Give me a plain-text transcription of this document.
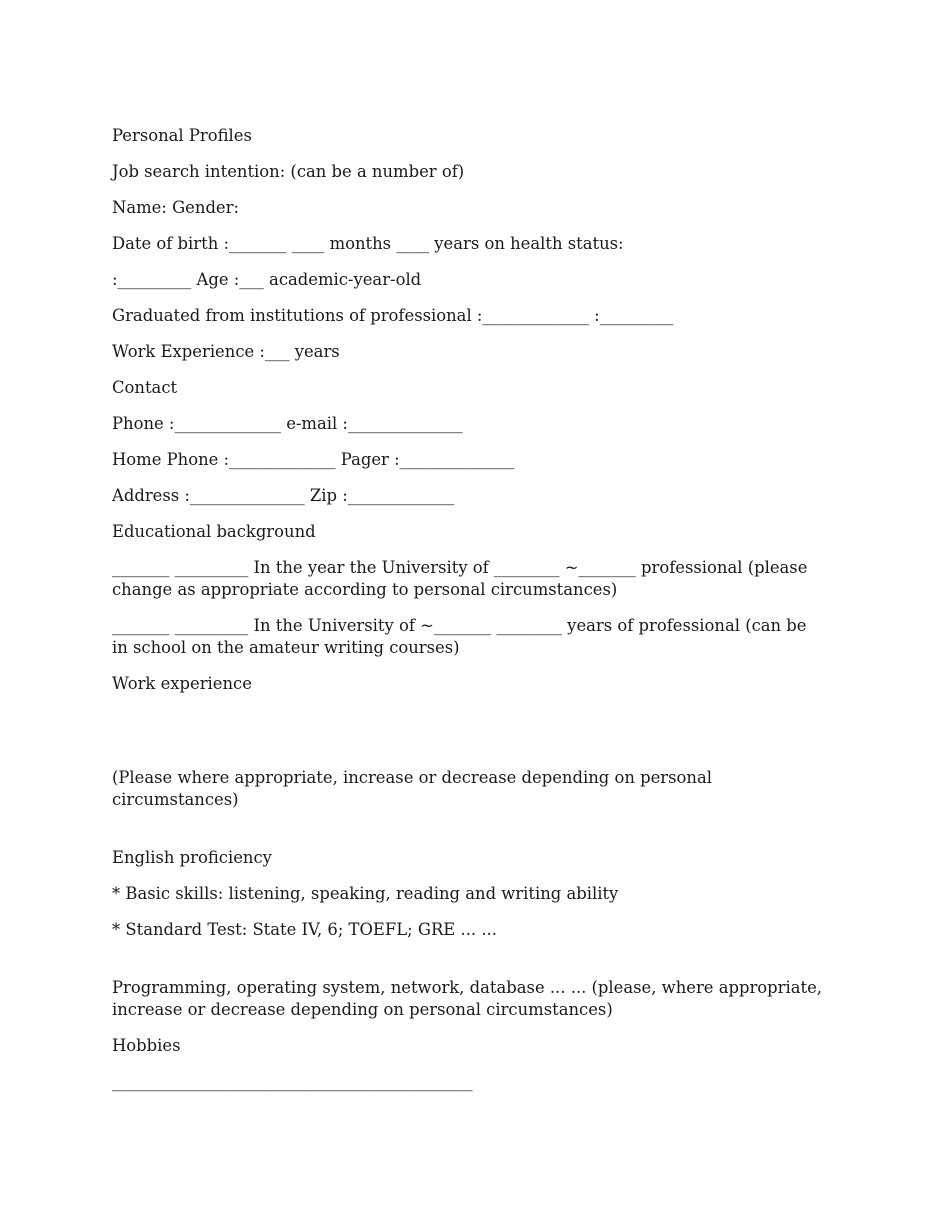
Personal Profiles

Job search intention: (can be a number of)

Name: Gender:

Date of birth :_______ ____ months ____ years on health status:

:_________ Age :___ academic-year-old

Graduated from institutions of professional :_____________ :_________

Work Experience :___ years

Contact

Phone :_____________ e-mail :______________

Home Phone :_____________ Pager :______________

Address :______________ Zip :_____________

Educational background

_______ _________ In the year the University of ________ ~_______ professional (please change as appropriate according to personal circumstances)

_______ _________ In the University of ~_______ ________ years of professional (can be in school on the amateur writing courses)

Work experience

(Please where appropriate, increase or decrease depending on personal circumstances)

English proficiency

* Basic skills: listening, speaking, reading and writing ability

* Standard Test: State IV, 6; TOEFL; GRE ... ...

Programming, operating system, network, database ... ... (please, where appropriate, increase or decrease depending on personal circumstances)

Hobbies

____________________________________________
